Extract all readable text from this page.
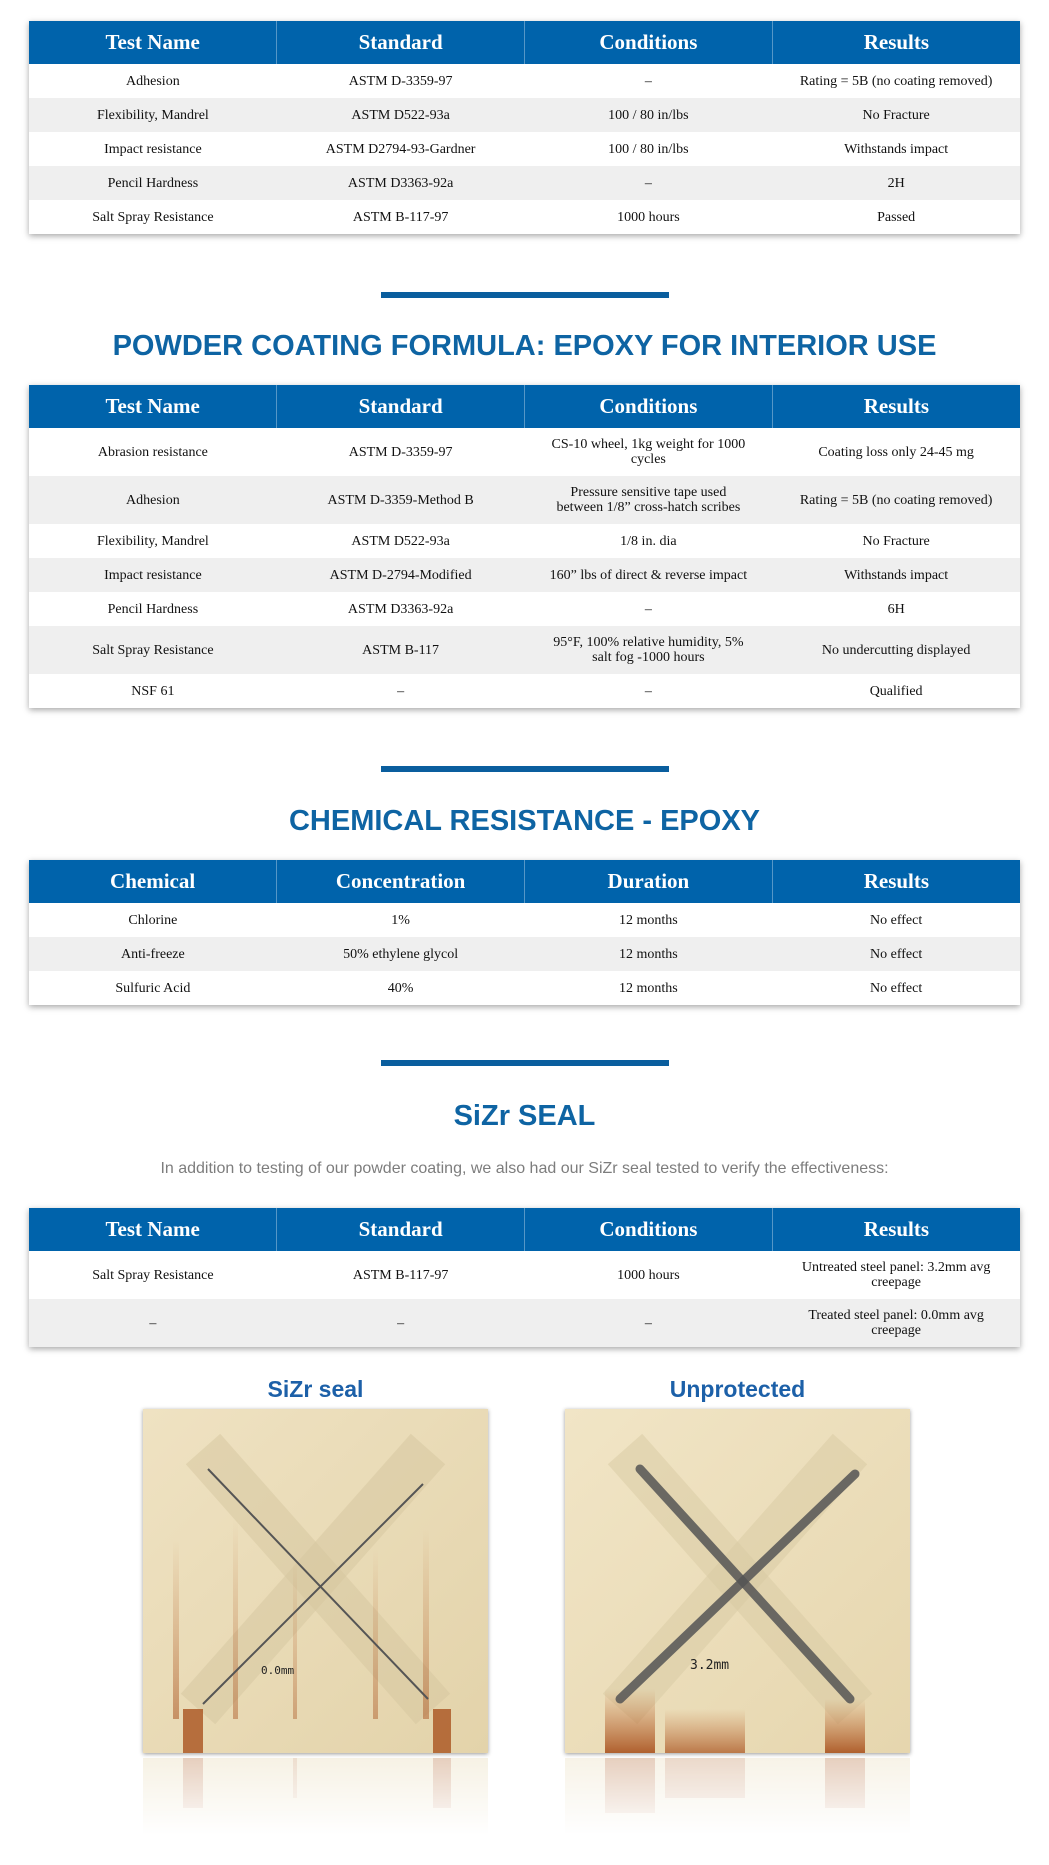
Test Name	Standard	Conditions	Results
Adhesion	ASTM D-3359-97	–	Rating = 5B (no coating removed)
Flexibility, Mandrel	ASTM D522-93a	100 / 80 in/lbs	No Fracture
Impact resistance	ASTM D2794-93-Gardner	100 / 80 in/lbs	Withstands impact
Pencil Hardness	ASTM D3363-92a	–	2H
Salt Spray Resistance	ASTM B-117-97	1000 hours	Passed
POWDER COATING FORMULA: EPOXY FOR INTERIOR USE
Test Name	Standard	Conditions	Results
Abrasion resistance	ASTM D-3359-97	CS-10 wheel, 1kg weight for 1000 cycles	Coating loss only 24-45 mg
Adhesion	ASTM D-3359-Method B	Pressure sensitive tape used between 1/8” cross-hatch scribes	Rating = 5B (no coating removed)
Flexibility, Mandrel	ASTM D522-93a	1/8 in. dia	No Fracture
Impact resistance	ASTM D-2794-Modified	160” lbs of direct & reverse impact	Withstands impact
Pencil Hardness	ASTM D3363-92a	–	6H
Salt Spray Resistance	ASTM B-117	95°F, 100% relative humidity, 5% salt fog -1000 hours	No undercutting displayed
NSF 61	–	–	Qualified
CHEMICAL RESISTANCE - EPOXY
Chemical	Concentration	Duration	Results
Chlorine	1%	12 months	No effect
Anti-freeze	50% ethylene glycol	12 months	No effect
Sulfuric Acid	40%	12 months	No effect
SiZr SEAL

In addition to testing of our powder coating, we also had our SiZr seal tested to verify the effectiveness:

Test Name	Standard	Conditions	Results
Salt Spray Resistance	ASTM B-117-97	1000 hours	Untreated steel panel: 3.2mm avg creepage
–	–	–	Treated steel panel: 0.0mm avg creepage
SiZr seal	Unprotected
0.0mm	3.2mm
